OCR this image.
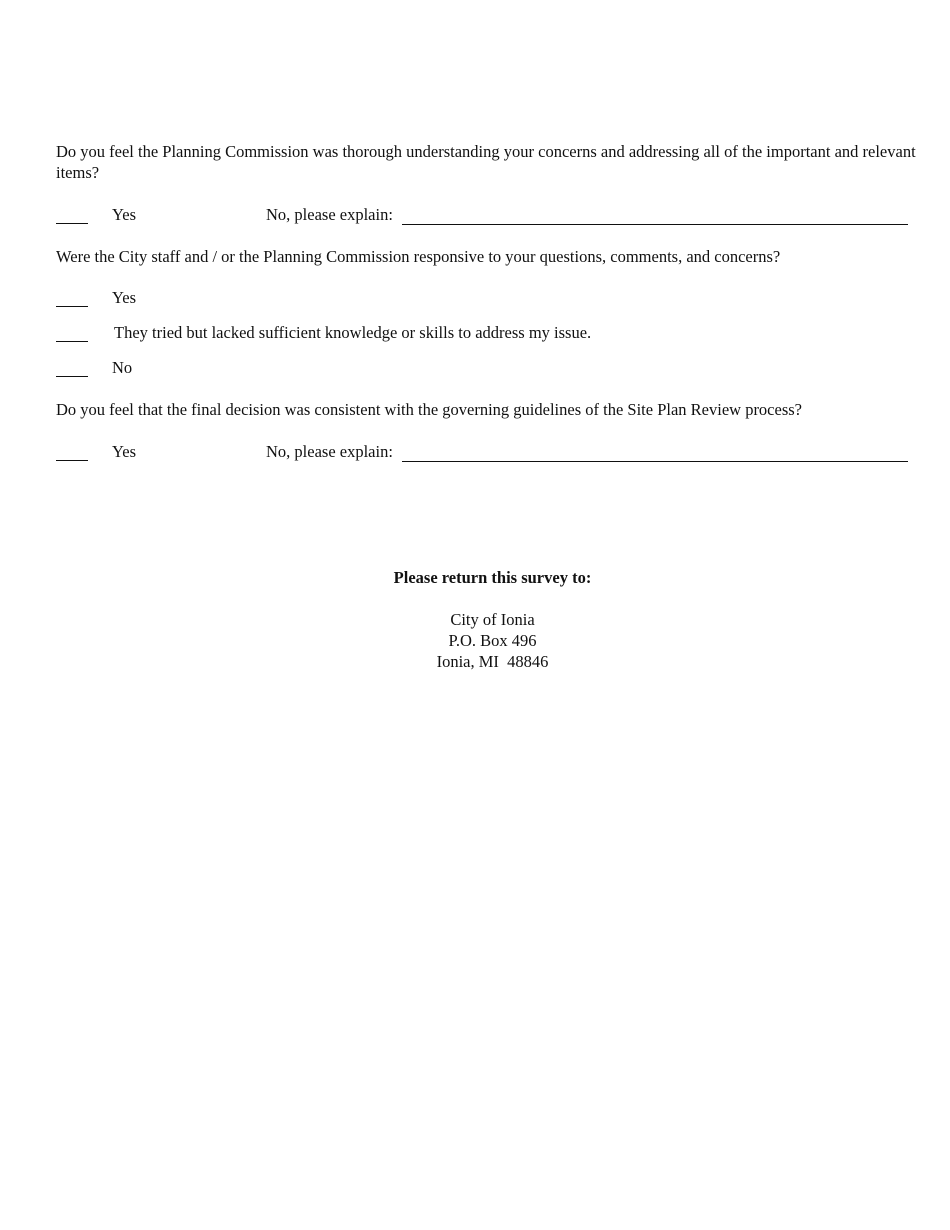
Do you feel the Planning Commission was thorough understanding your concerns and addressing all of the important and relevant items?
Yes	No, please explain:
Were the City staff and / or the Planning Commission responsive to your questions, comments, and concerns?
Yes
They tried but lacked sufficient knowledge or skills to address my issue.
No
Do you feel that the final decision was consistent with the governing guidelines of the Site Plan Review process?
Yes	No, please explain:
Please return this survey to:
City of Ionia
P.O. Box 496
Ionia, MI  48846
